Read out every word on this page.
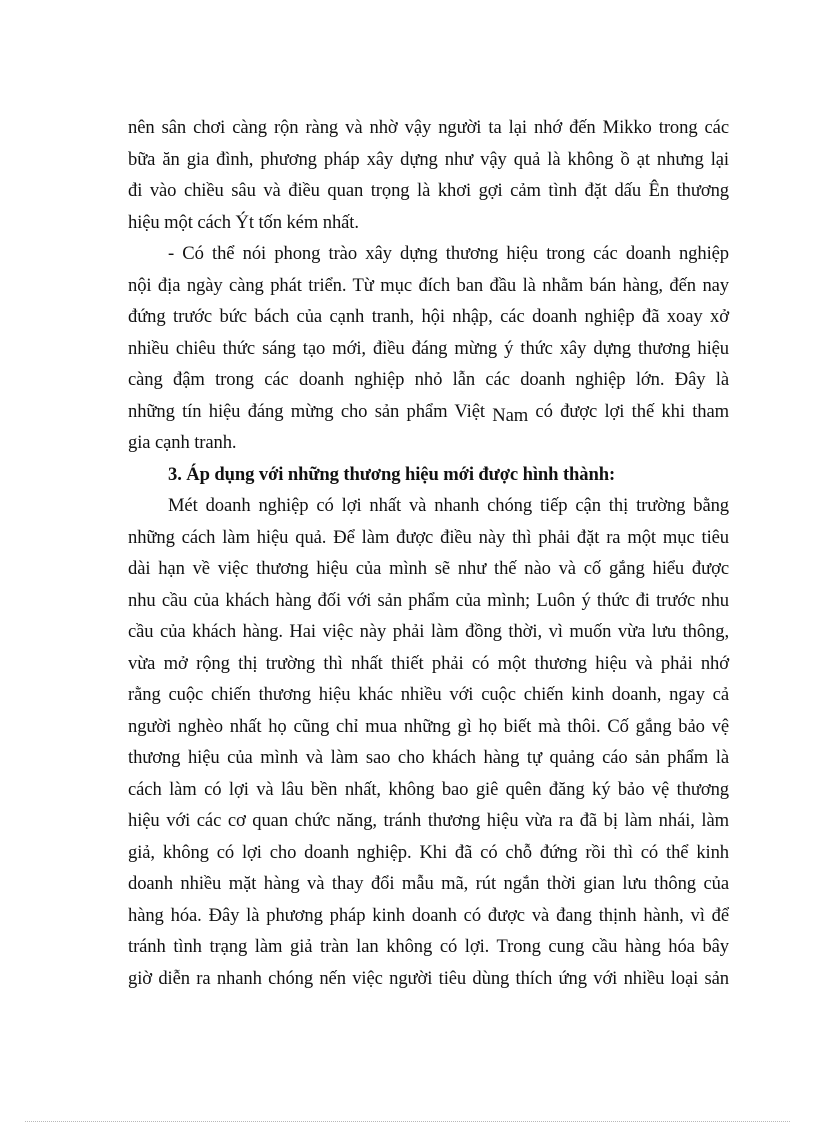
nên sân chơi càng rộn ràng và nhờ vậy người ta lại nhớ đến Mikko trong các
bữa ăn gia đình, phương pháp xây dựng như vậy quả là không ồ ạt nhưng lại
đi vào chiều sâu và điều quan trọng là khơi gợi cảm tình đặt dấu Ên thương
hiệu một cách Ýt tốn kém nhất.
- Có thể nói phong trào xây dựng thương hiệu trong các doanh nghiệp
nội địa ngày càng phát triển. Từ mục đích ban đầu là nhằm bán hàng, đến nay
đứng trước bức bách của cạnh tranh, hội nhập, các doanh nghiệp đã xoay xở
nhiều chiêu thức sáng tạo mới, điều đáng mừng ý thức xây dựng thương hiệu
càng đậm trong các doanh nghiệp nhỏ lẫn các doanh nghiệp lớn. Đây là
những tín hiệu đáng mừng cho sản phẩm Việt Nam có được lợi thế khi tham
gia cạnh tranh.
3. Áp dụng với những thương hiệu mới được hình thành:
Mét doanh nghiệp có lợi nhất và nhanh chóng tiếp cận thị trường bằng
những cách làm hiệu quả. Để làm được điều này thì phải đặt ra một mục tiêu
dài hạn về việc thương hiệu của mình sẽ như thế nào và cố gắng hiểu được
nhu cầu của khách hàng đối với sản phẩm của mình; Luôn ý thức đi trước nhu
cầu của khách hàng. Hai việc này phải làm đồng thời, vì muốn vừa lưu thông,
vừa mở rộng thị trường thì nhất thiết phải có một thương hiệu và phải nhớ
rằng cuộc chiến thương hiệu khác nhiều với cuộc chiến kinh doanh, ngay cả
người nghèo nhất họ cũng chỉ mua những gì họ biết mà thôi. Cố gắng bảo vệ
thương hiệu của mình và làm sao cho khách hàng tự quảng cáo sản phẩm là
cách làm có lợi và lâu bền nhất, không bao giê quên đăng ký bảo vệ thương
hiệu với các cơ quan chức năng, tránh thương hiệu vừa ra đã bị làm nhái, làm
giả, không có lợi cho doanh nghiệp. Khi đã có chỗ đứng rồi thì có thể kinh
doanh nhiều mặt hàng và thay đổi mẫu mã, rút ngắn thời gian lưu thông của
hàng hóa. Đây là phương pháp kinh doanh có được và đang thịnh hành, vì để
tránh tình trạng làm giả tràn lan không có lợi. Trong cung cầu hàng hóa bây
giờ diễn ra nhanh chóng nến việc người tiêu dùng thích ứng với nhiều loại sản
